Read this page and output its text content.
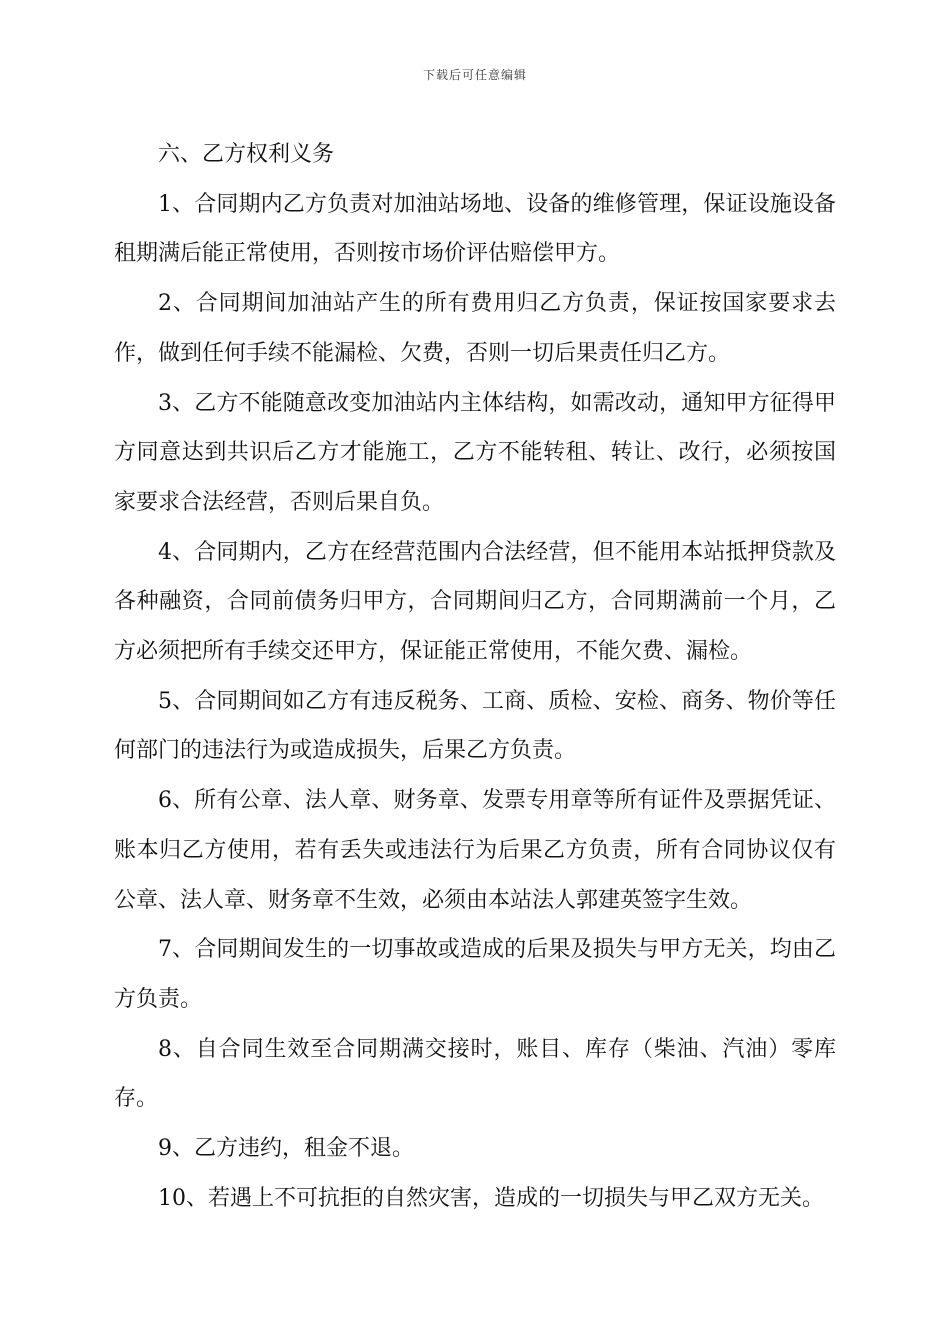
下载后可任意编辑

六、乙方权利义务

1、合同期内乙方负责对加油站场地、设备的维修管理，保证设施设备租期满后能正常使用，否则按市场价评估赔偿甲方。

2、合同期间加油站产生的所有费用归乙方负责，保证按国家要求去作，做到任何手续不能漏检、欠费，否则一切后果责任归乙方。

3、乙方不能随意改变加油站内主体结构，如需改动，通知甲方征得甲方同意达到共识后乙方才能施工，乙方不能转租、转让、改行，必须按国家要求合法经营，否则后果自负。

4、合同期内，乙方在经营范围内合法经营，但不能用本站抵押贷款及各种融资，合同前债务归甲方，合同期间归乙方，合同期满前一个月，乙方必须把所有手续交还甲方，保证能正常使用，不能欠费、漏检。

5、合同期间如乙方有违反税务、工商、质检、安检、商务、物价等任何部门的违法行为或造成损失，后果乙方负责。

6、所有公章、法人章、财务章、发票专用章等所有证件及票据凭证、账本归乙方使用，若有丢失或违法行为后果乙方负责，所有合同协议仅有公章、法人章、财务章不生效，必须由本站法人郭建英签字生效。

7、合同期间发生的一切事故或造成的后果及损失与甲方无关，均由乙方负责。

8、自合同生效至合同期满交接时，账目、库存（柴油、汽油）零库存。

9、乙方违约，租金不退。

10、若遇上不可抗拒的自然灾害，造成的一切损失与甲乙双方无关。
